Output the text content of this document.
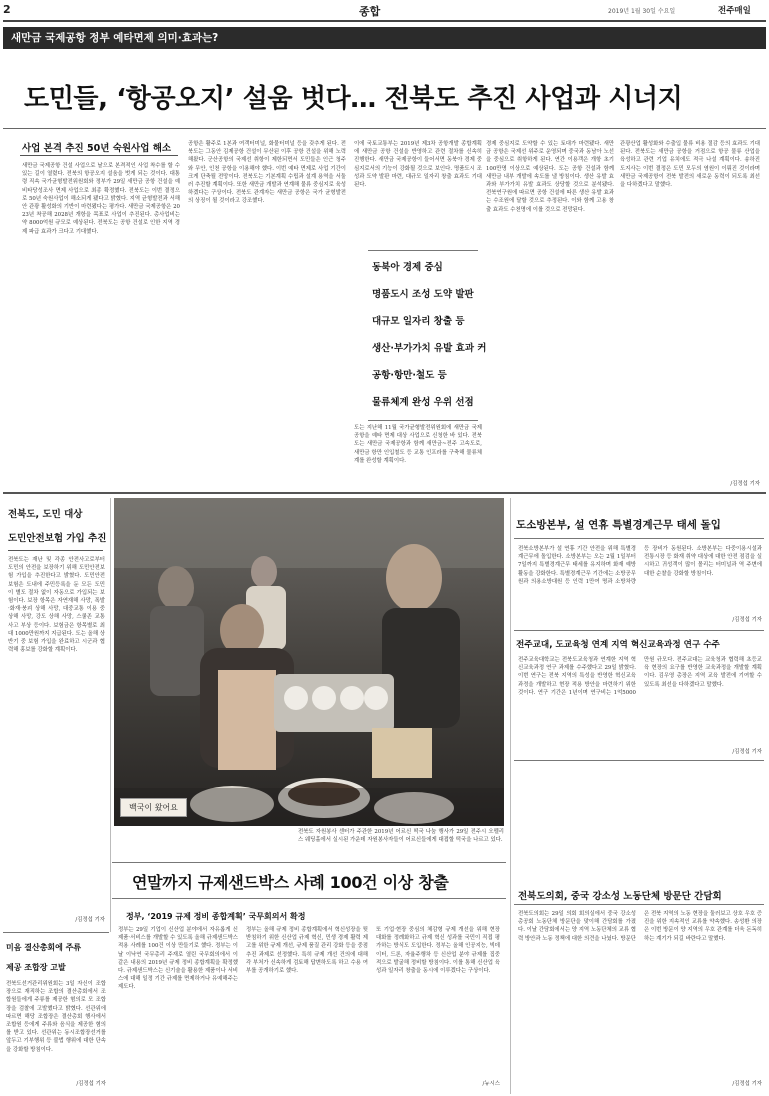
2	종합	2019년 1월 30일 수요일	전주매일
새만금 국제공항 정부 예타면제 의미·효과는?
도민들, ‘항공오지’ 설움 벗다… 전북도 추진 사업과 시너지
사업 본격 추진 50년 숙원사업 해소
새만금 국제공항 건설 사업으로 날으로 본격적인 사업 착수를 할 수 있는 길이 열렸다. 전북의 항공오지 설움을 벗게 되는 것이다. 대통령 직속 국가균형발전위원회와 정부가 29일 새만금 공항 건설을 예비타당성조사 면제 사업으로 최종 확정했다. 전북도는 이번 결정으로 50년 숙원사업이 해소되게 됐다고 밝혔다. 지역 균형발전과 서해안 관광 활성화의 기반이 마련됐다는 평가다. 새만금 국제공항은 2023년 착공해 2028년 개항을 목표로 사업이 추진된다. 총사업비는 약 8000억원 규모로 예상된다. 전북도는 공항 건설로 인한 지역 경제 파급 효과가 크다고 기대했다.
공항은 활주로 1본과 여객터미널, 화물터미널 등을 갖추게 된다. 전북도는 그동안 김제공항 건설이 무산된 이후 공항 건설을 위해 노력해왔다. 군산공항의 국제선 취항이 제한되면서 도민들은 인근 청주와 무안, 인천 공항을 이용해야 했다. 이번 예타 면제로 사업 기간이 크게 단축될 전망이다. 전북도는 기본계획 수립과 설계 용역을 서둘러 추진할 계획이다. 또한 새만금 개발과 연계해 물류 중심지로 육성하겠다는 구상이다. 전북도 관계자는 새만금 공항은 국가 균형발전의 상징이 될 것이라고 강조했다.
이에 국토교통부는 2019년 제3차 공항개발 종합계획에 새만금 공항 건설을 반영하고 관련 절차를 신속히 진행한다. 새만금 국제공항이 들어서면 동북아 경제 중심지로서의 기능이 강화될 것으로 보인다. 명품도시 조성과 도약 발판 마련, 대규모 일자리 창출 효과도 기대된다.
동북아 경제 중심
명품도시 조성 도약 발판
대규모 일자리 창출 등
생산·부가가치 유발 효과 커
공항·항만·철도 등
물류체계 완성 우위 선점
도는 지난해 11월 국가균형발전위원회에 새만금 국제공항을 예타 면제 대상 사업으로 신청한 바 있다. 전북도는 새만금 국제공항과 함께 새만금~전주 고속도로, 새만금 항만 인입철도 등 교통 인프라를 구축해 물류체계를 완성할 계획이다.
경제 중심지로 도약할 수 있는 토대가 마련됐다. 새만금 공항은 국제선 위주로 운영되며 중국과 동남아 노선을 중심으로 취항하게 된다. 연간 이용객은 개항 초기 100만명 이상으로 예상된다. 도는 공항 건설과 함께 새만금 내부 개발에 속도를 낼 방침이다. 생산 유발 효과와 부가가치 유발 효과도 상당할 것으로 분석됐다. 전북연구원에 따르면 공항 건설에 따른 생산 유발 효과는 수조원에 달할 것으로 추정된다. 이와 함께 고용 창출 효과도 수천명에 이를 것으로 전망된다.
관광산업 활성화와 수출입 물류 비용 절감 등의 효과도 기대된다. 전북도는 새만금 공항을 거점으로 항공 물류 산업을 육성하고 관련 기업 유치에도 적극 나설 계획이다. 송하진 도지사는 이번 결정은 도민 모두의 염원이 이뤄진 것이라며 새만금 국제공항이 전북 발전의 새로운 동력이 되도록 최선을 다하겠다고 말했다.
/김정섭 기자
전북도, 도민 대상
도민안전보험 가입 추진
전북도는 재난 및 각종 안전사고로부터 도민의 안전을 보장하기 위해 도민안전보험 가입을 추진한다고 밝혔다. 도민안전보험은 도내에 주민등록을 둔 모든 도민이 별도 절차 없이 자동으로 가입되는 보험이다. 보장 항목은 자연재해 사망, 폭발·화재·붕괴 상해 사망, 대중교통 이용 중 상해 사망, 강도 상해 사망, 스쿨존 교통사고 부상 등이다. 보험금은 항목별로 최대 1000만원까지 지급된다. 도는 올해 상반기 중 보험 가입을 완료하고 시군과 협력해 홍보를 강화할 계획이다.
/김정섭 기자
백국이 왔어요
전북도 자원봉사 센터가 주관한 2019년 어르신 떡국 나눔 행사가 29일 전주시 오펠리스 웨딩홀에서 실시된 가운데 자원봉사자들이 어르신들에게 대접할 떡국을 나르고 있다.
연말까지 규제샌드박스 사례 100건 이상 창출
정부, ‘2019 규제 정비 종합계획’ 국무회의서 확정
정부는 29일 기업이 신산업 분야에서 자유롭게 신제품·서비스를 개발할 수 있도록 올해 규제샌드박스 적용 사례를 100건 이상 만들기로 했다. 정부는 이날 이낙연 국무총리 주재로 열린 국무회의에서 이 같은 내용의 2019년 규제 정비 종합계획을 확정했다. 규제샌드박스는 신기술을 활용한 제품이나 서비스에 대해 일정 기간 규제를 면제하거나 유예해주는 제도다.
정부는 올해 규제 정비 종합계획에서 혁신성장을 뒷받침하기 위한 신산업 규제 혁신, 민생 경제 활력 제고를 위한 규제 개선, 규제 품질 관리 강화 등을 중점 추진 과제로 선정했다. 특히 규제 개선 건의에 대해 각 부처가 신속하게 검토해 답변하도록 하고 수용 여부를 공개하기로 했다.
또 기업·현장 중심의 체감형 규제 개선을 위해 현장 대화를 정례화하고 규제 혁신 성과를 국민이 직접 평가하는 방식도 도입한다. 정부는 올해 인공지능, 빅데이터, 드론, 자율주행차 등 신산업 분야 규제를 집중적으로 발굴해 정비할 방침이다. 이를 통해 신산업 육성과 일자리 창출을 동시에 이루겠다는 구상이다.
/뉴시스
도소방본부, 설 연휴 특별경계근무 태세 돌입
전북소방본부가 설 연휴 기간 안전을 위해 특별경계근무에 돌입한다. 소방본부는 오는 2월 1일부터 7일까지 특별경계근무 태세를 유지하며 화재 예방 활동을 강화한다. 특별경계근무 기간에는 소방공무원과 의용소방대원 등 인력 1만여 명과 소방차량 등 장비가 동원된다. 소방본부는 다중이용시설과 전통시장 등 화재 취약 대상에 대한 안전 점검을 실시하고 귀성객이 많이 몰리는 터미널과 역 주변에 대한 순찰을 강화할 방침이다.
/김정섭 기자
전주교대, 도교육청 연계 지역 혁신교육과정 연구 수주
전주교육대학교는 전북도교육청과 연계한 지역 혁신교육과정 연구 과제를 수주했다고 29일 밝혔다. 이번 연구는 전북 지역의 특성을 반영한 혁신교육과정을 개발하고 현장 적용 방안을 마련하기 위한 것이다. 연구 기간은 1년이며 연구비는 1억5000만원 규모다. 전주교대는 교육청과 협력해 초등교육 현장의 요구를 반영한 교육과정을 개발할 계획이다. 김우영 총장은 지역 교육 발전에 기여할 수 있도록 최선을 다하겠다고 말했다.
/김정섭 기자
전북도의회, 중국 강소성 노동단체 방문단 간담회
전북도의회는 29일 의회 회의실에서 중국 강소성 총공회 노동단체 방문단을 맞이해 간담회를 가졌다. 이날 간담회에서는 양 지역 노동단체의 교류 협력 방안과 노동 정책에 대한 의견을 나눴다. 방문단은 전북 지역의 노동 현장을 둘러보고 상호 우호 증진을 위한 지속적인 교류를 약속했다. 송성환 의장은 이번 방문이 양 지역의 우호 관계를 더욱 돈독히 하는 계기가 되길 바란다고 말했다.
/김정섭 기자
미음 결산총회에 주류
제공 조합장 고발
전북도선거관리위원회는 3일 자신이 조합장으로 재직하는 조합의 결산총회에서 조합원들에게 주류를 제공한 혐의로 모 조합장을 검찰에 고발했다고 밝혔다. 선관위에 따르면 해당 조합장은 결산총회 행사에서 조합원 등에게 주류와 음식을 제공한 혐의를 받고 있다. 선관위는 동시조합장선거를 앞두고 기부행위 등 불법 행위에 대한 단속을 강화할 방침이다.
/김정섭 기자
